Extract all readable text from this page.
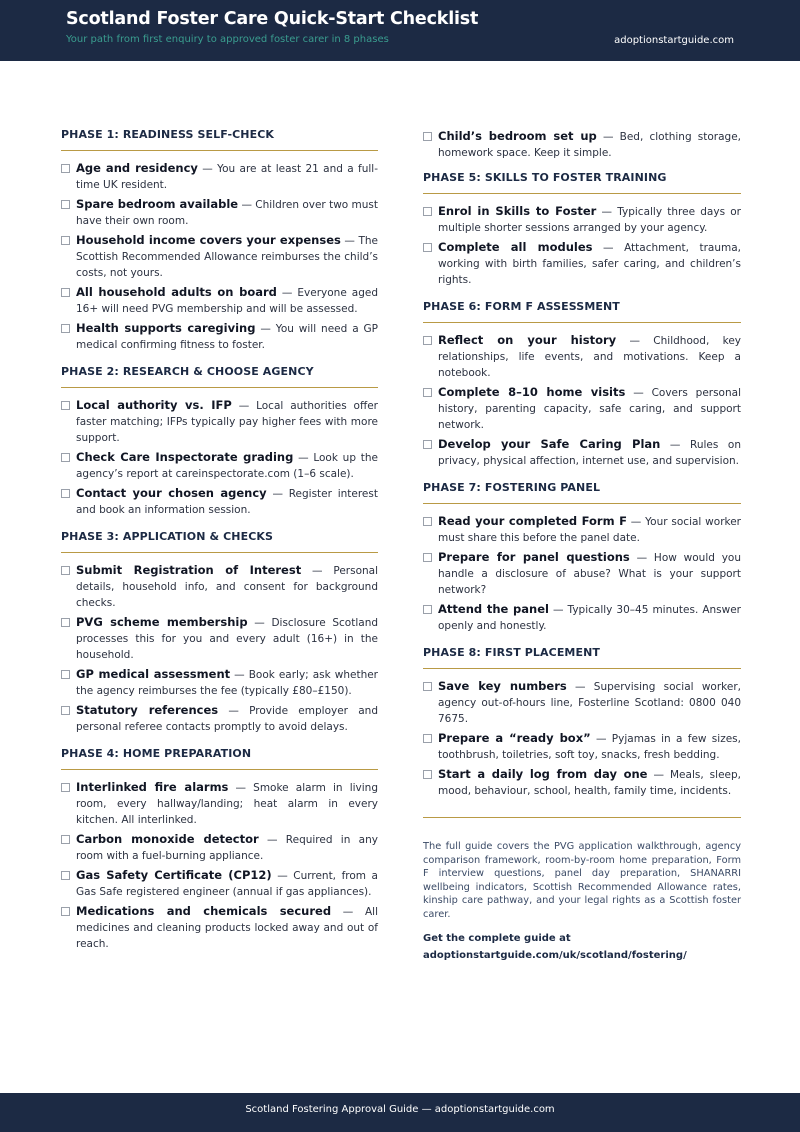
Scotland Foster Care Quick-Start Checklist
Your path from first enquiry to approved foster carer in 8 phases	adoptionstartguide.com
PHASE 1: READINESS SELF-CHECK
Age and residency — You are at least 21 and a full-time UK resident.
Spare bedroom available — Children over two must have their own room.
Household income covers your expenses — The Scottish Recommended Allowance reimburses the child’s costs, not yours.
All household adults on board — Everyone aged 16+ will need PVG membership and will be assessed.
Health supports caregiving — You will need a GP medical confirming fitness to foster.
PHASE 2: RESEARCH & CHOOSE AGENCY
Local authority vs. IFP — Local authorities offer faster matching; IFPs typically pay higher fees with more support.
Check Care Inspectorate grading — Look up the agency’s report at careinspectorate.com (1–6 scale).
Contact your chosen agency — Register interest and book an information session.
PHASE 3: APPLICATION & CHECKS
Submit Registration of Interest — Personal details, household info, and consent for background checks.
PVG scheme membership — Disclosure Scotland processes this for you and every adult (16+) in the household.
GP medical assessment — Book early; ask whether the agency reimburses the fee (typically £80–£150).
Statutory references — Provide employer and personal referee contacts promptly to avoid delays.
PHASE 4: HOME PREPARATION
Interlinked fire alarms — Smoke alarm in living room, every hallway/landing; heat alarm in every kitchen. All interlinked.
Carbon monoxide detector — Required in any room with a fuel-burning appliance.
Gas Safety Certificate (CP12) — Current, from a Gas Safe registered engineer (annual if gas appliances).
Medications and chemicals secured — All medicines and cleaning products locked away and out of reach.
Child’s bedroom set up — Bed, clothing storage, homework space. Keep it simple.
PHASE 5: SKILLS TO FOSTER TRAINING
Enrol in Skills to Foster — Typically three days or multiple shorter sessions arranged by your agency.
Complete all modules — Attachment, trauma, working with birth families, safer caring, and children’s rights.
PHASE 6: FORM F ASSESSMENT
Reflect on your history — Childhood, key relationships, life events, and motivations. Keep a notebook.
Complete 8–10 home visits — Covers personal history, parenting capacity, safe caring, and support network.
Develop your Safe Caring Plan — Rules on privacy, physical affection, internet use, and supervision.
PHASE 7: FOSTERING PANEL
Read your completed Form F — Your social worker must share this before the panel date.
Prepare for panel questions — How would you handle a disclosure of abuse? What is your support network?
Attend the panel — Typically 30–45 minutes. Answer openly and honestly.
PHASE 8: FIRST PLACEMENT
Save key numbers — Supervising social worker, agency out-of-hours line, Fosterline Scotland: 0800 040 7675.
Prepare a “ready box” — Pyjamas in a few sizes, toothbrush, toiletries, soft toy, snacks, fresh bedding.
Start a daily log from day one — Meals, sleep, mood, behaviour, school, health, family time, incidents.
The full guide covers the PVG application walkthrough, agency comparison framework, room-by-room home preparation, Form F interview questions, panel day preparation, SHANARRI wellbeing indicators, Scottish Recommended Allowance rates, kinship care pathway, and your legal rights as a Scottish foster carer.
Get the complete guide at
adoptionstartguide.com/uk/scotland/fostering/
Scotland Fostering Approval Guide — adoptionstartguide.com
